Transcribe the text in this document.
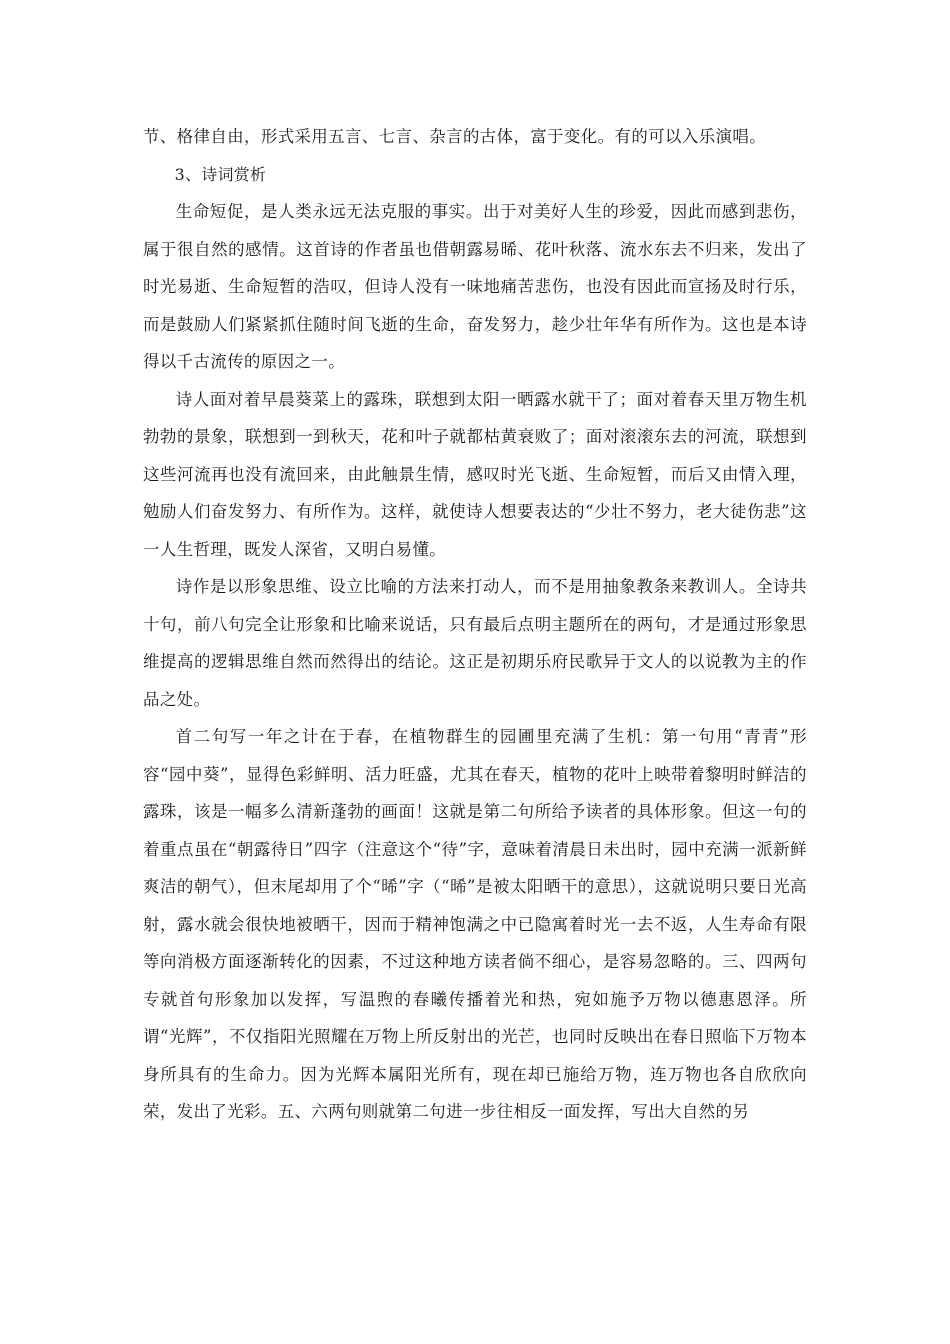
节、格律自由，形式采用五言、七言、杂言的古体，富于变化。有的可以入乐演唱。

3、诗词赏析

生命短促，是人类永远无法克服的事实。出于对美好人生的珍爱，因此而感到悲伤，属于很自然的感情。这首诗的作者虽也借朝露易晞、花叶秋落、流水东去不归来，发出了时光易逝、生命短暂的浩叹，但诗人没有一味地痛苦悲伤，也没有因此而宣扬及时行乐，而是鼓励人们紧紧抓住随时间飞逝的生命，奋发努力，趁少壮年华有所作为。这也是本诗得以千古流传的原因之一。

诗人面对着早晨葵菜上的露珠，联想到太阳一晒露水就干了；面对着春天里万物生机勃勃的景象，联想到一到秋天，花和叶子就都枯黄衰败了；面对滚滚东去的河流，联想到这些河流再也没有流回来，由此触景生情，感叹时光飞逝、生命短暂，而后又由情入理，勉励人们奋发努力、有所作为。这样，就使诗人想要表达的“少壮不努力，老大徒伤悲”这一人生哲理，既发人深省，又明白易懂。

诗作是以形象思维、设立比喻的方法来打动人，而不是用抽象教条来教训人。全诗共十句，前八句完全让形象和比喻来说话，只有最后点明主题所在的两句，才是通过形象思维提高的逻辑思维自然而然得出的结论。这正是初期乐府民歌异于文人的以说教为主的作品之处。

首二句写一年之计在于春，在植物群生的园圃里充满了生机：第一句用“青青”形容“园中葵”，显得色彩鲜明、活力旺盛，尤其在春天，植物的花叶上映带着黎明时鲜洁的露珠，该是一幅多么清新蓬勃的画面！这就是第二句所给予读者的具体形象。但这一句的着重点虽在“朝露待日”四字（注意这个“待”字，意味着清晨日未出时，园中充满一派新鲜爽洁的朝气），但末尾却用了个“晞”字（“晞”是被太阳晒干的意思），这就说明只要日光高射，露水就会很快地被晒干，因而于精神饱满之中已隐寓着时光一去不返，人生寿命有限等向消极方面逐渐转化的因素，不过这种地方读者倘不细心，是容易忽略的。三、四两句专就首句形象加以发挥，写温煦的春曦传播着光和热，宛如施予万物以德惠恩泽。所谓“光辉”，不仅指阳光照耀在万物上所反射出的光芒，也同时反映出在春日照临下万物本身所具有的生命力。因为光辉本属阳光所有，现在却已施给万物，连万物也各自欣欣向荣，发出了光彩。五、六两句则就第二句进一步往相反一面发挥，写出大自然的另
